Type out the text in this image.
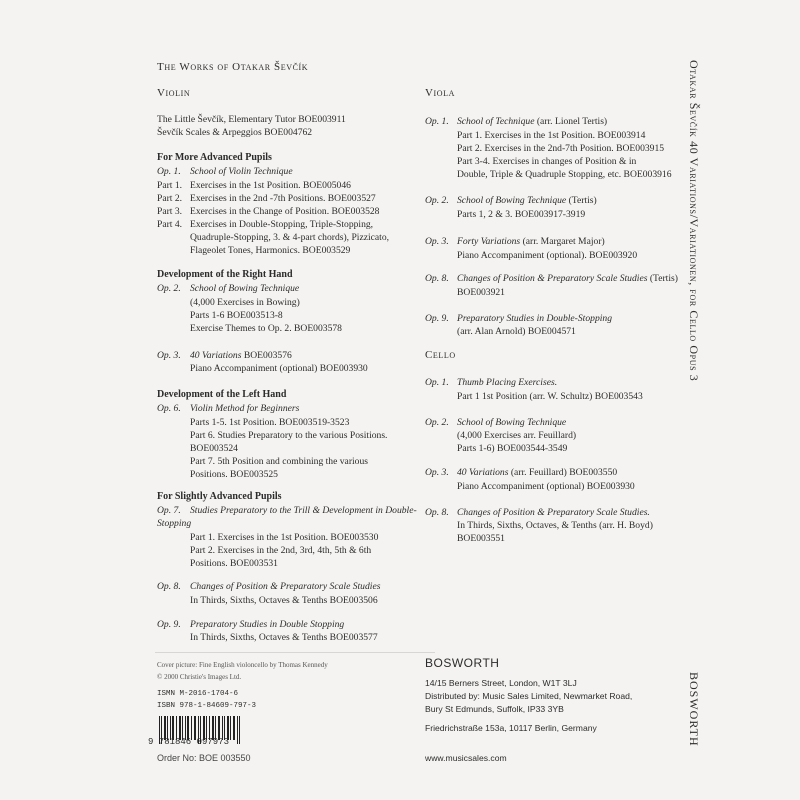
The Works of Otakar Ševčík
Violin	Viola
Cello	Otakar Ševčík 40 Variations/Variationen, for Cello Opus 3
BOSWORTH
The Little Ševčík, Elementary Tutor BOE003911
Ševčík Scales & Arpeggios BOE004762
For More Advanced Pupils
Op. 1. School of Violin Technique
Part 1. Exercises in the 1st Position. BOE005046
Part 2. Exercises in the 2nd -7th Positions. BOE003527
Part 3. Exercises in the Change of Position. BOE003528
Part 4. Exercises in Double-Stopping, Triple-Stopping,
Quadruple-Stopping, 3. & 4-part chords), Pizzicato,
Flageolet Tones, Harmonics. BOE003529
Development of the Right Hand
Op. 2. School of Bowing Technique
(4,000 Exercises in Bowing)
Parts 1-6 BOE003513-8
Exercise Themes to Op. 2. BOE003578
Op. 3. 40 Variations BOE003576
Piano Accompaniment (optional) BOE003930
Development of the Left Hand
Op. 6. Violin Method for Beginners
Parts 1-5. 1st Position. BOE003519-3523
Part 6. Studies Preparatory to the various Positions.
BOE003524
Part 7. 5th Position and combining the various
Positions. BOE003525
For Slightly Advanced Pupils
Op. 7. Studies Preparatory to the Trill & Development in Double-
Stopping
Part 1. Exercises in the 1st Position. BOE003530
Part 2. Exercises in the 2nd, 3rd, 4th, 5th & 6th
Positions. BOE003531
Op. 8. Changes of Position & Preparatory Scale Studies
In Thirds, Sixths, Octaves & Tenths BOE003506
Op. 9. Preparatory Studies in Double Stopping
In Thirds, Sixths, Octaves & Tenths BOE003577
Op. 1. School of Technique (arr. Lionel Tertis)
Part 1. Exercises in the 1st Position. BOE003914
Part 2. Exercises in the 2nd-7th Position. BOE003915
Part 3-4. Exercises in changes of Position & in
Double, Triple & Quadruple Stopping, etc. BOE003916
Op. 2. School of Bowing Technique (Tertis)
Parts 1, 2 & 3. BOE003917-3919
Op. 3. Forty Variations (arr. Margaret Major)
Piano Accompaniment (optional). BOE003920
Op. 8. Changes of Position & Preparatory Scale Studies (Tertis)
BOE003921
Op. 9. Preparatory Studies in Double-Stopping
(arr. Alan Arnold) BOE004571
Op. 1. Thumb Placing Exercises.
Part 1 1st Position (arr. W. Schultz) BOE003543
Op. 2. School of Bowing Technique
(4,000 Exercises arr. Feuillard)
Parts 1-6) BOE003544-3549
Op. 3. 40 Variations (arr. Feuillard) BOE003550
Piano Accompaniment (optional) BOE003930
Op. 8. Changes of Position & Preparatory Scale Studies.
In Thirds, Sixths, Octaves, & Tenths (arr. H. Boyd)
BOE003551
Cover picture: Fine English violoncello by Thomas Kennedy
© 2000 Christie's Images Ltd.
ISMN M-2016-1704-6
ISBN 978-1-84609-797-3
9 781846 097973
Order No: BOE 003550
BOSWORTH
14/15 Berners Street, London, W1T 3LJ
Distributed by: Music Sales Limited, Newmarket Road,
Bury St Edmunds, Suffolk, IP33 3YB
Friedrichstraße 153a, 10117 Berlin, Germany
www.musicsales.com
